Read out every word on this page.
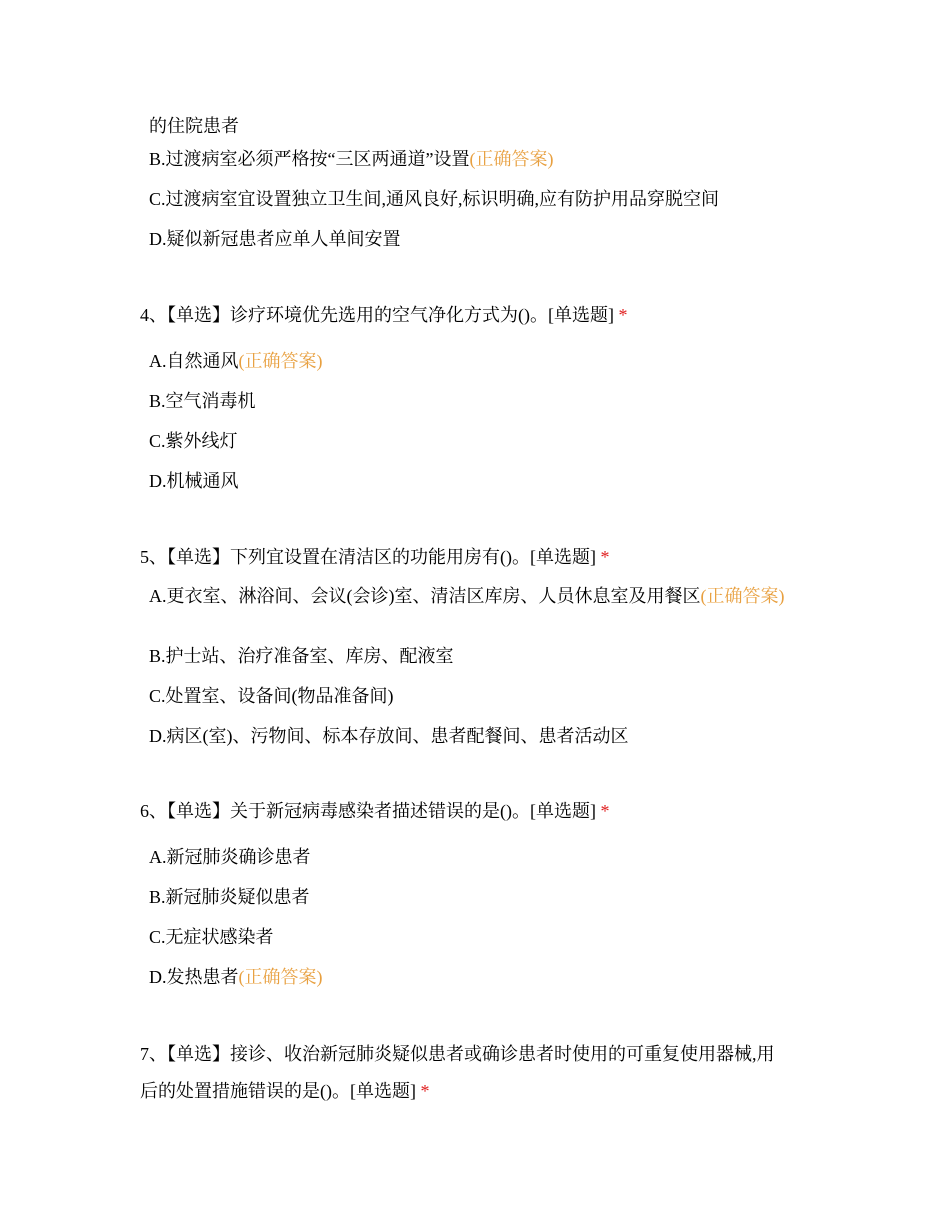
的住院患者
B.过渡病室必须严格按“三区两通道”设置(正确答案)
C.过渡病室宜设置独立卫生间,通风良好,标识明确,应有防护用品穿脱空间
D.疑似新冠患者应单人单间安置
4、【单选】诊疗环境优先选用的空气净化方式为()。[单选题] *
A.自然通风(正确答案)
B.空气消毒机
C.紫外线灯
D.机械通风
5、【单选】下列宜设置在清洁区的功能用房有()。[单选题] *
A.更衣室、淋浴间、会议(会诊)室、清洁区库房、人员休息室及用餐区(正确答案)
B.护士站、治疗准备室、库房、配液室
C.处置室、设备间(物品准备间)
D.病区(室)、污物间、标本存放间、患者配餐间、患者活动区
6、【单选】关于新冠病毒感染者描述错误的是()。[单选题] *
A.新冠肺炎确诊患者
B.新冠肺炎疑似患者
C.无症状感染者
D.发热患者(正确答案)
7、【单选】接诊、收治新冠肺炎疑似患者或确诊患者时使用的可重复使用器械,用
后的处置措施错误的是()。[单选题] *
